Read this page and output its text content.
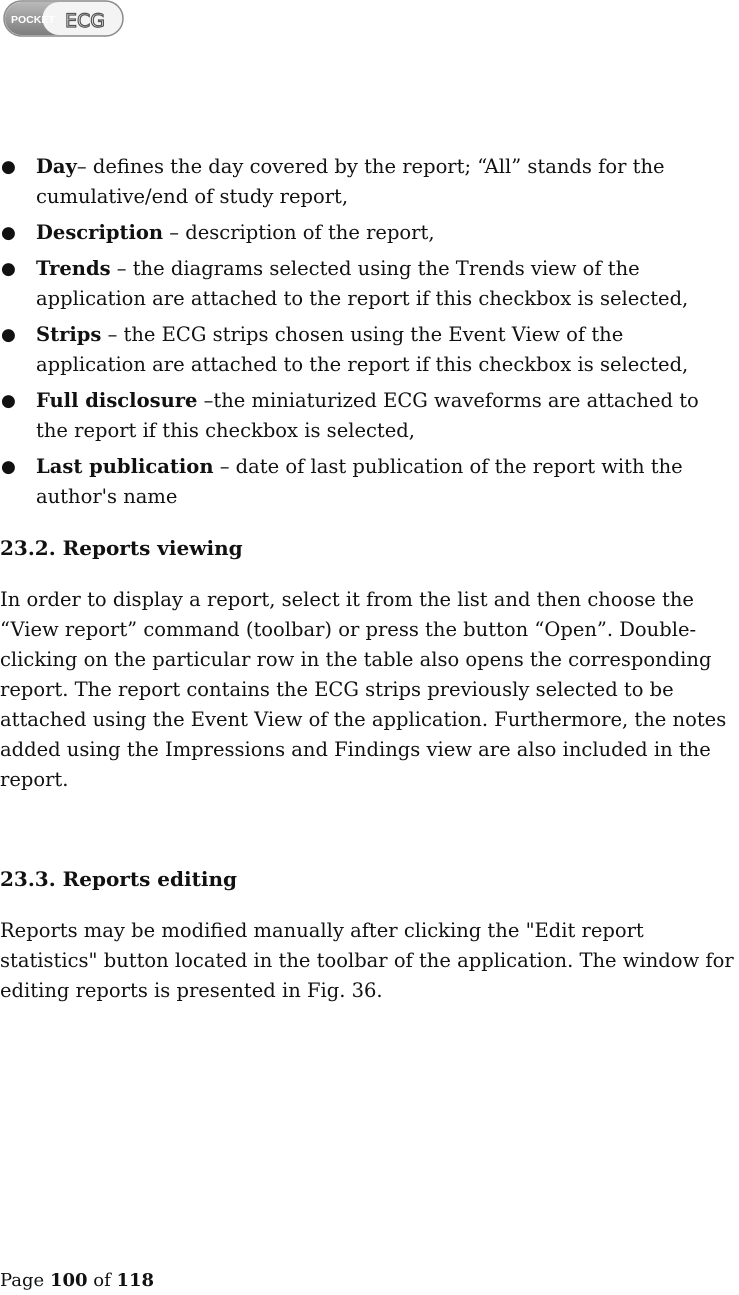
POCKET ECG
● Day– defines the day covered by the report; “All” stands for the cumulative/end of study report,
● Description – description of the report,
● Trends – the diagrams selected using the Trends view of the application are attached to the report if this checkbox is selected,
● Strips – the ECG strips chosen using the Event View of the application are attached to the report if this checkbox is selected,
● Full disclosure –the miniaturized ECG waveforms are attached to the report if this checkbox is selected,
● Last publication – date of last publication of the report with the author's name
23.2. Reports viewing

In order to display a report, select it from the list and then choose the “View report” command (toolbar) or press the button “Open”. Double-clicking on the particular row in the table also opens the corresponding report. The report contains the ECG strips previously selected to be attached using the Event View of the application. Furthermore, the notes added using the Impressions and Findings view are also included in the report.

23.3. Reports editing

Reports may be modified manually after clicking the "Edit report statistics" button located in the toolbar of the application. The window for editing reports is presented in Fig. 36.

Page 100 of 118
